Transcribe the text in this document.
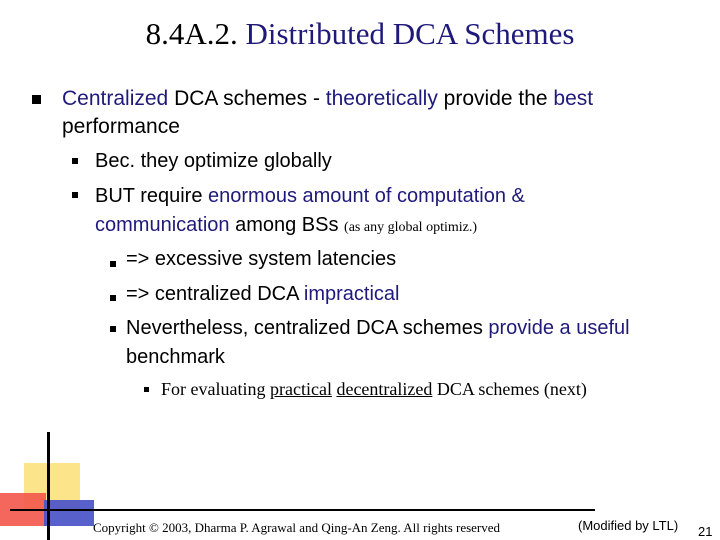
8.4A.2. Distributed DCA Schemes
Centralized DCA schemes - theoretically provide the best
performance
Bec. they optimize globally
BUT require enormous amount of computation &
communication among BSs (as any global optimiz.)
=> excessive system latencies
=> centralized DCA impractical
Nevertheless, centralized DCA schemes provide a useful
benchmark
For evaluating practical decentralized DCA schemes (next)
Copyright © 2003, Dharma P. Agrawal and Qing-An Zeng. All rights reserved	(Modified by LTL) 21
